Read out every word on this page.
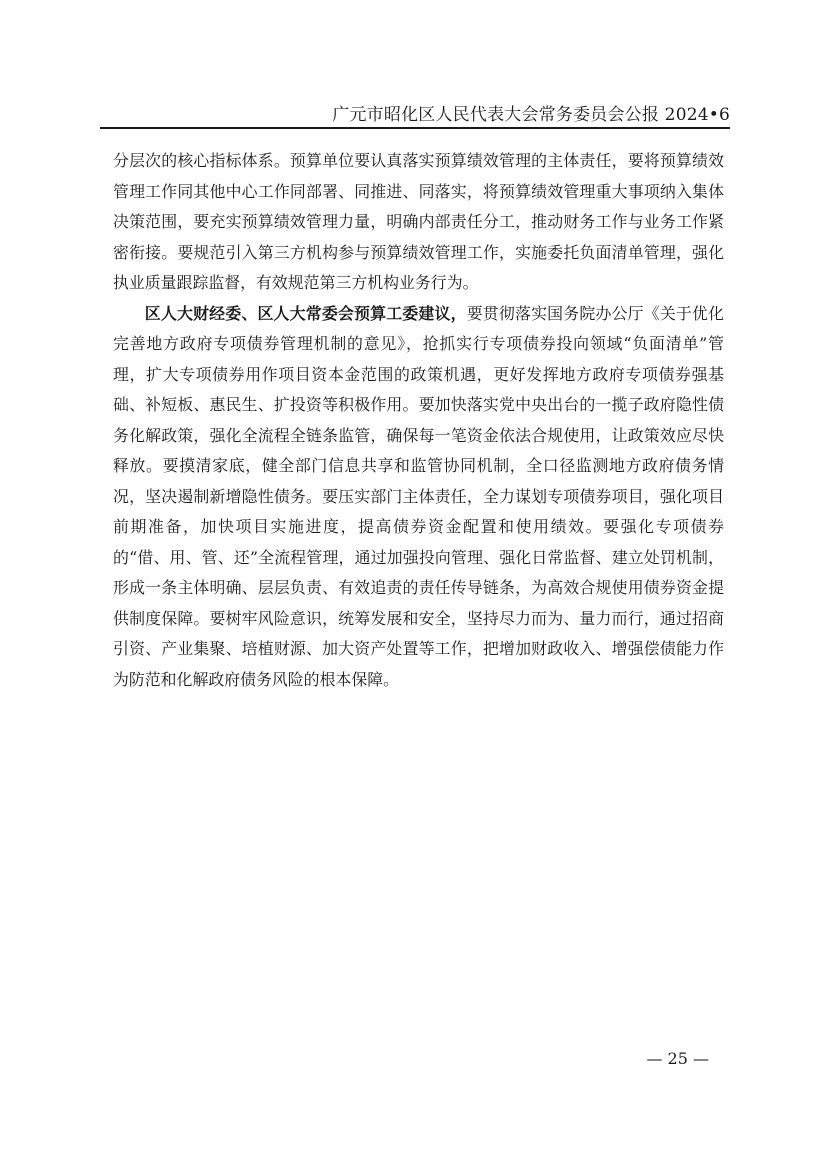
广元市昭化区人民代表大会常务委员会公报 2024•6

分层次的核心指标体系。预算单位要认真落实预算绩效管理的主体责任，要将预算绩效管理工作同其他中心工作同部署、同推进、同落实，将预算绩效管理重大事项纳入集体决策范围，要充实预算绩效管理力量，明确内部责任分工，推动财务工作与业务工作紧密衔接。要规范引入第三方机构参与预算绩效管理工作，实施委托负面清单管理，强化执业质量跟踪监督，有效规范第三方机构业务行为。

区人大财经委、区人大常委会预算工委建议，要贯彻落实国务院办公厅《关于优化完善地方政府专项债券管理机制的意见》，抢抓实行专项债券投向领域“负面清单”管理，扩大专项债券用作项目资本金范围的政策机遇，更好发挥地方政府专项债券强基础、补短板、惠民生、扩投资等积极作用。要加快落实党中央出台的一揽子政府隐性债务化解政策，强化全流程全链条监管，确保每一笔资金依法合规使用，让政策效应尽快释放。要摸清家底，健全部门信息共享和监管协同机制，全口径监测地方政府债务情况，坚决遏制新增隐性债务。要压实部门主体责任，全力谋划专项债券项目，强化项目前期准备，加快项目实施进度，提高债券资金配置和使用绩效。要强化专项债券的“借、用、管、还”全流程管理，通过加强投向管理、强化日常监督、建立处罚机制，形成一条主体明确、层层负责、有效追责的责任传导链条，为高效合规使用债券资金提供制度保障。要树牢风险意识，统筹发展和安全，坚持尽力而为、量力而行，通过招商引资、产业集聚、培植财源、加大资产处置等工作，把增加财政收入、增强偿债能力作为防范和化解政府债务风险的根本保障。

— 25 —
